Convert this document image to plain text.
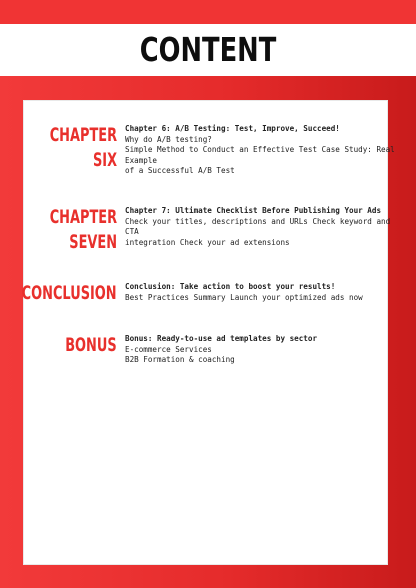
CONTENT
CHAPTER
SIX
Chapter 6: A/B Testing: Test, Improve, Succeed!
Why do A/B testing?
Simple Method to Conduct an Effective Test Case Study: Real Example
of a Successful A/B Test
CHAPTER
SEVEN
Chapter 7: Ultimate Checklist Before Publishing Your Ads
Check your titles, descriptions and URLs Check keyword and CTA
integration Check your ad extensions
CONCLUSION Conclusion: Take action to boost your results!
Best Practices Summary Launch your optimized ads now
BONUS Bonus: Ready-to-use ad templates by sector
E-commerce Services
B2B Formation & coaching
